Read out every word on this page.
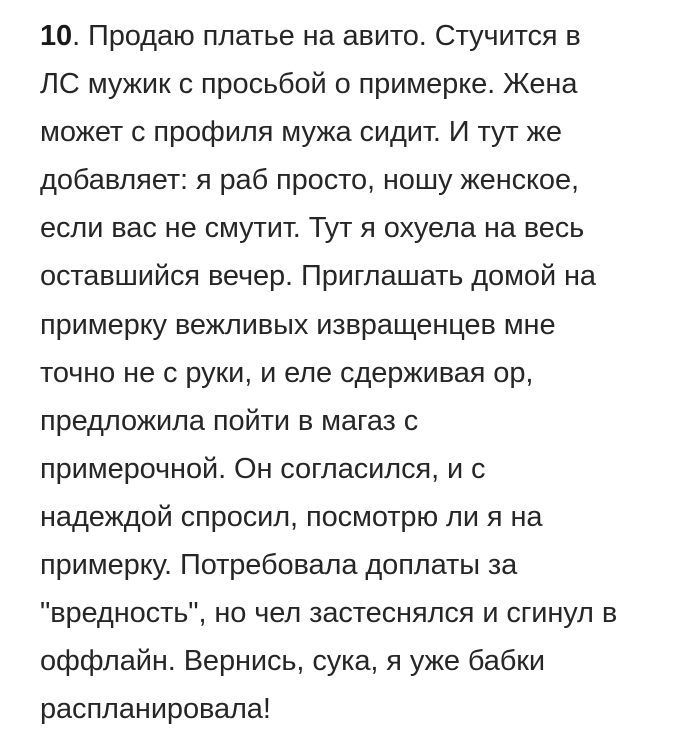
10. Продаю платье на авито. Стучится в
ЛС мужик с просьбой о примерке. Жена
может с профиля мужа сидит. И тут же
добавляет: я раб просто, ношу женское,
если вас не смутит. Тут я охуела на весь
оставшийся вечер. Приглашать домой на
примерку вежливых извращенцев мне
точно не с руки, и еле сдерживая ор,
предложила пойти в магаз с
примерочной. Он согласился, и с
надеждой спросил, посмотрю ли я на
примерку. Потребовала доплаты за
"вредность", но чел застеснялся и сгинул в
оффлайн. Вернись, сука, я уже бабки
распланировала!
